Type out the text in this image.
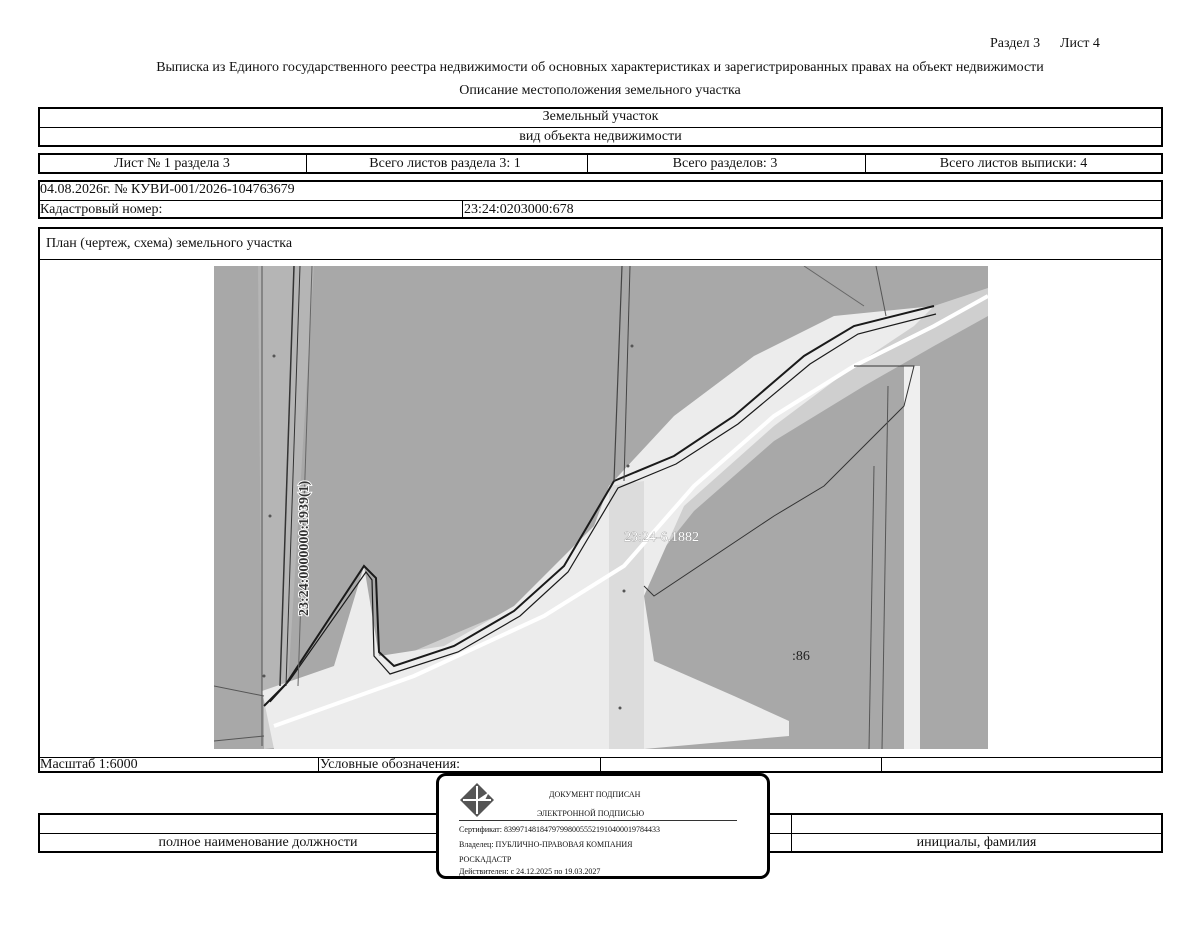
Раздел 3 Лист 4
Выписка из Единого государственного реестра недвижимости об основных характеристиках и зарегистрированных правах на объект недвижимости
Описание местоположения земельного участка
Земельный участок
вид объекта недвижимости
Лист № 1 раздела 3	Всего листов раздела 3: 1	Всего разделов: 3	Всего листов выписки: 4
04.08.2026г. № КУВИ-001/2026-104763679
Кадастровый номер:	23:24:0203000:678
План (чертеж, схема) земельного участка
23:24:0000000:1939(1)	23:24-6.1882
:86
Масштаб 1:6000	Условные обозначения:
полное наименование должности	инициалы, фамилия
ДОКУМЕНТ ПОДПИСАН
ЭЛЕКТРОННОЙ ПОДПИСЬЮ
Сертификат: 839971481847979980055521910400019784433
Владелец: ПУБЛИЧНО-ПРАВОВАЯ КОМПАНИЯ
РОСКАДАСТР
Действителен: с 24.12.2025 по 19.03.2027
